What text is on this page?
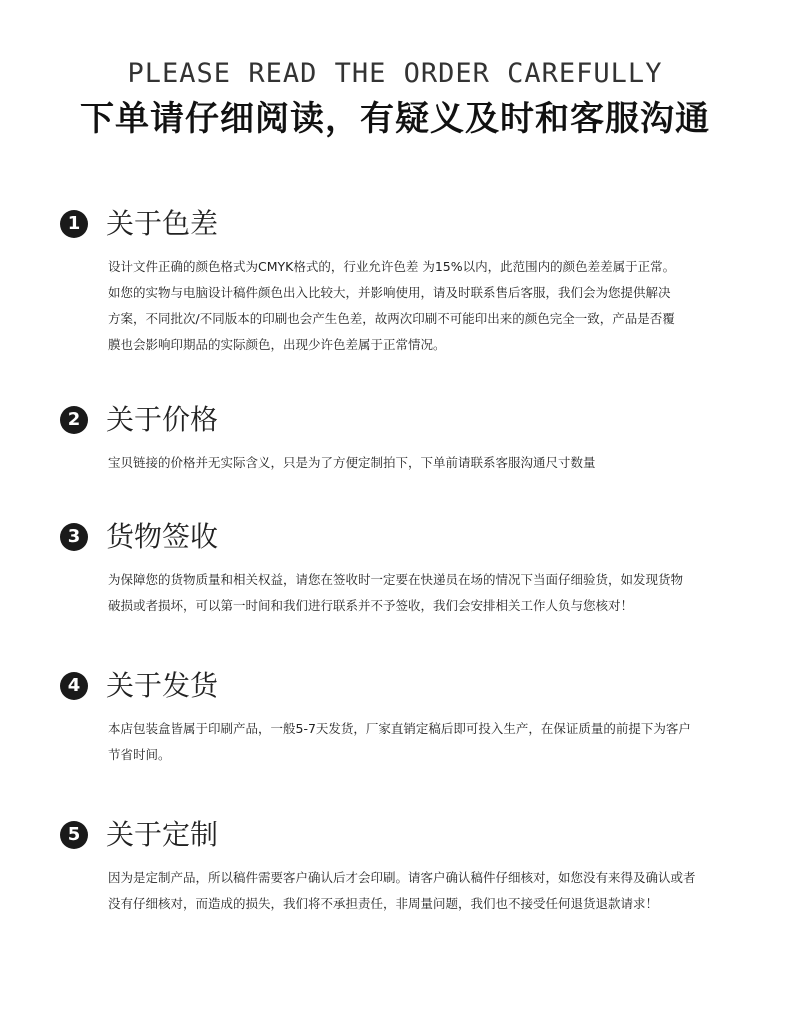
PLEASE READ THE ORDER CAREFULLY
下单请仔细阅读，有疑义及时和客服沟通
1 关于色差
设计文件正确的颜色格式为CMYK格式的，行业允许色差 为15%以内，此范围内的颜色差差属于正常。
如您的实物与电脑设计稿件颜色出入比较大，并影响使用，请及时联系售后客服，我们会为您提供解决
方案，不同批次/不同版本的印刷也会产生色差，故两次印刷不可能印出来的颜色完全一致，产品是否覆
膜也会影响印期品的实际颜色，出现少许色差属于正常情况。
2 关于价格
宝贝链接的价格并无实际含义，只是为了方便定制拍下，下单前请联系客服沟通尺寸数量
3 货物签收
为保障您的货物质量和相关权益，请您在签收时一定要在快递员在场的情况下当面仔细验货，如发现货物
破损或者损坏，可以第一时间和我们进行联系并不予签收，我们会安排相关工作人负与您核对！
4 关于发货
本店包装盒皆属于印刷产品，一般5-7天发货，厂家直销定稿后即可投入生产，在保证质量的前提下为客户
节省时间。
5 关于定制
因为是定制产品，所以稿件需要客户确认后才会印刷。请客户确认稿件仔细核对，如您没有来得及确认或者
没有仔细核对，而造成的损失，我们将不承担责任，非周量问题，我们也不接受任何退货退款请求！
